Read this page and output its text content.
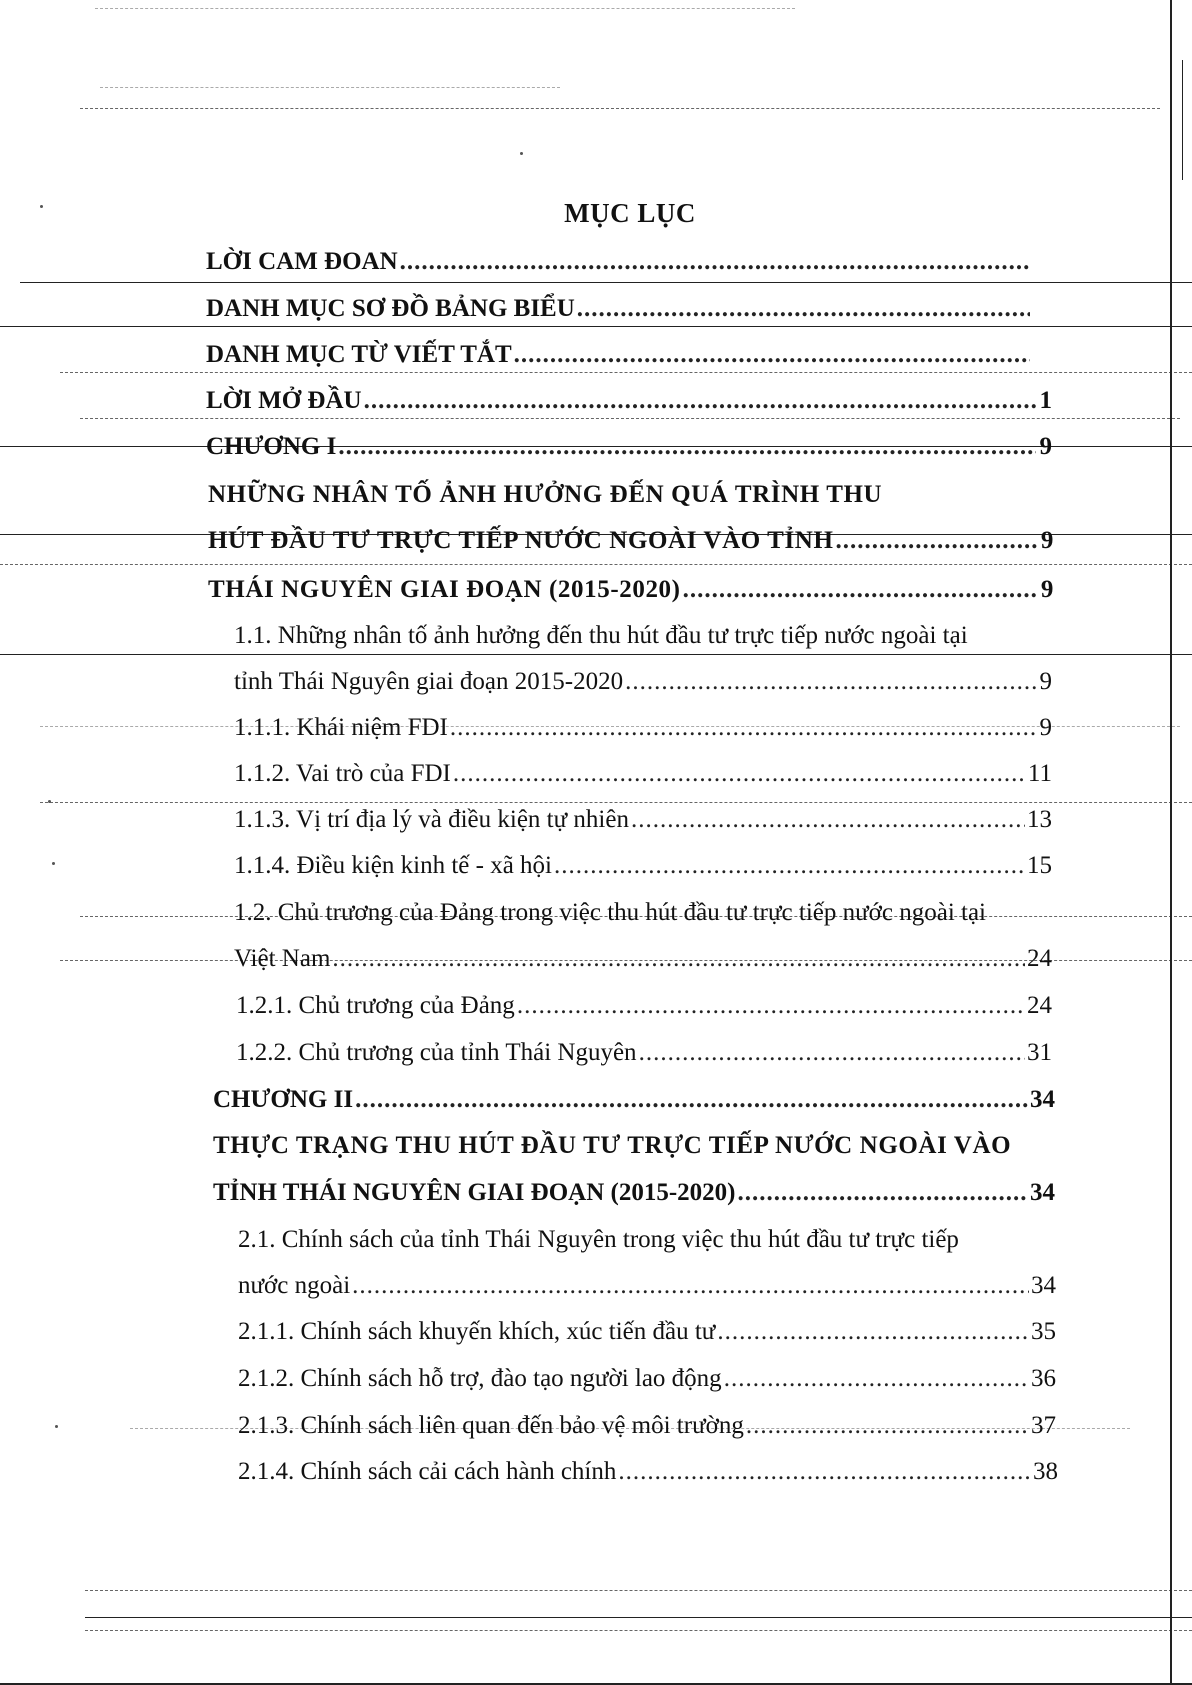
MỤC LỤC
LỜI CAM ĐOAN
.....
DANH MỤC SƠ ĐỒ BẢNG BIỂU
.....
DANH MỤC TỪ VIẾT TẮT
.....
LỜI MỞ ĐẦU .....	1
CHƯƠNG I .....	9
NHỮNG NHÂN TỐ ẢNH HƯỞNG ĐẾN QUÁ TRÌNH THU
HÚT ĐẦU TƯ TRỰC TIẾP NƯỚC NGOÀI VÀO TỈNH .....	9
THÁI NGUYÊN GIAI ĐOẠN (2015-2020) .....	9
1.1. Những nhân tố ảnh hưởng đến thu hút đầu tư trực tiếp nước ngoài tại
tỉnh Thái Nguyên giai đoạn 2015-2020 .....	9
1.1.1. Khái niệm FDI .....	9
1.1.2. Vai trò của FDI .....	11
1.1.3. Vị trí địa lý và điều kiện tự nhiên .....	13
1.1.4. Điều kiện kinh tế - xã hội .....	15
1.2. Chủ trương của Đảng trong việc thu hút đầu tư trực tiếp nước ngoài tại
Việt Nam .....	24
1.2.1. Chủ trương của Đảng .....	24
1.2.2. Chủ trương của tỉnh Thái Nguyên .....	31
CHƯƠNG II .....	34
THỰC TRẠNG THU HÚT ĐẦU TƯ TRỰC TIẾP NƯỚC NGOÀI VÀO
TỈNH THÁI NGUYÊN GIAI ĐOẠN (2015-2020) .....	34
2.1. Chính sách của tỉnh Thái Nguyên trong việc thu hút đầu tư trực tiếp
nước ngoài .....	34
2.1.1. Chính sách khuyến khích, xúc tiến đầu tư .....	35
2.1.2. Chính sách hỗ trợ, đào tạo người lao động .....	36
2.1.3. Chính sách liên quan đến bảo vệ môi trường .....	37
2.1.4. Chính sách cải cách hành chính .....	38
